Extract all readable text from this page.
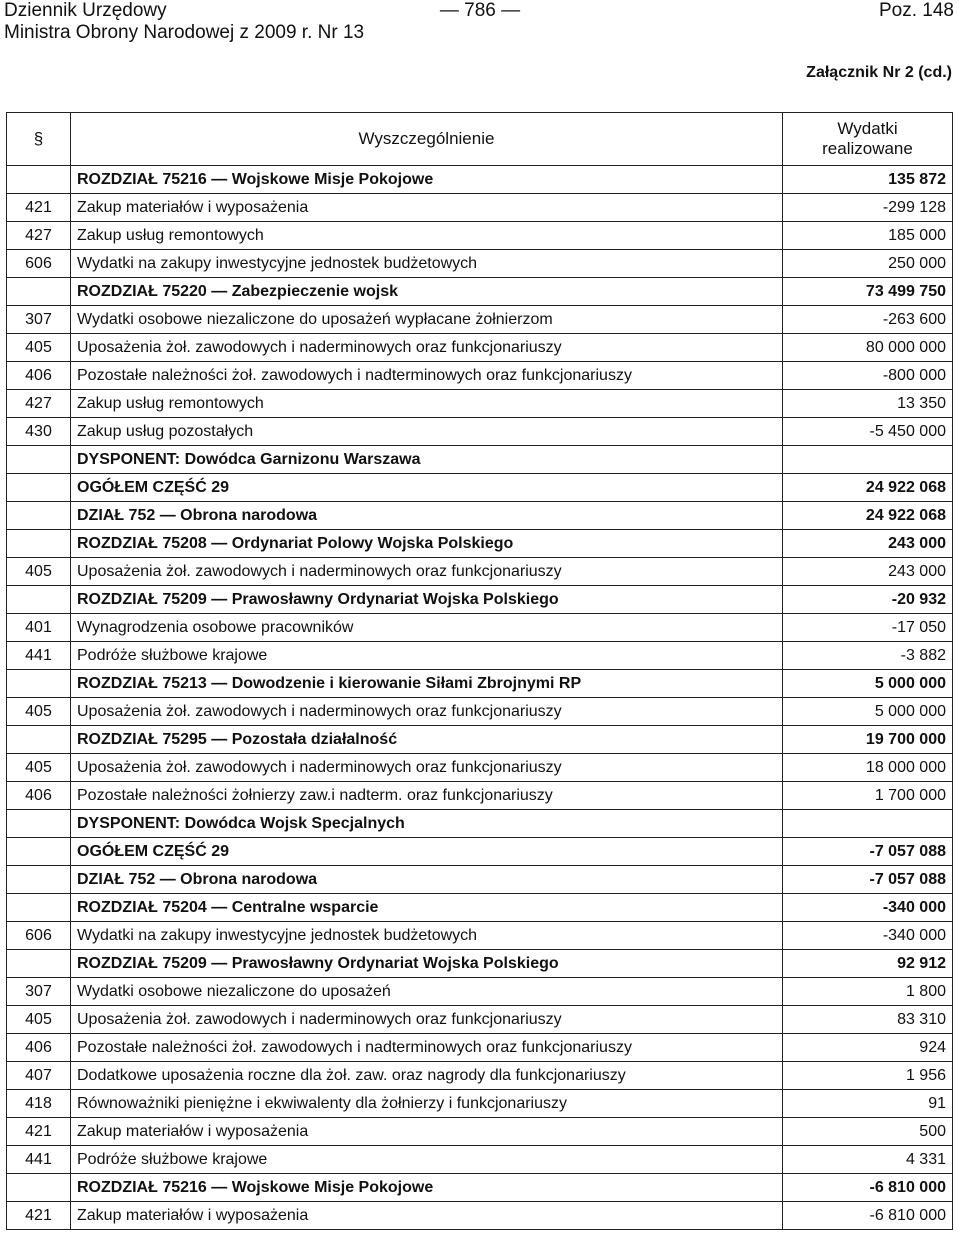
Dziennik Urzędowy	— 786 —	Poz. 148
Ministra Obrony Narodowej z 2009 r. Nr 13
Załącznik Nr 2 (cd.)
§	Wyszczególnienie	Wydatki
realizowane

	ROZDZIAŁ 75216 — Wojskowe Misje Pokojowe	135 872
421	Zakup materiałów i wyposażenia	-299 128
427	Zakup usług remontowych	185 000
606	Wydatki na zakupy inwestycyjne jednostek budżetowych	250 000
	ROZDZIAŁ 75220 — Zabezpieczenie wojsk	73 499 750
307	Wydatki osobowe niezaliczone do uposażeń wypłacane żołnierzom	-263 600
405	Uposażenia żoł. zawodowych i naderminowych oraz funkcjonariuszy	80 000 000
406	Pozostałe należności żoł. zawodowych i nadterminowych oraz funkcjonariuszy	-800 000
427	Zakup usług remontowych	13 350
430	Zakup usług pozostałych	-5 450 000
	DYSPONENT: Dowódca Garnizonu Warszawa	
	OGÓŁEM CZĘŚĆ 29	24 922 068
	DZIAŁ 752 — Obrona narodowa	24 922 068
	ROZDZIAŁ 75208 — Ordynariat Polowy Wojska Polskiego	243 000
405	Uposażenia żoł. zawodowych i naderminowych oraz funkcjonariuszy	243 000
	ROZDZIAŁ 75209 — Prawosławny Ordynariat Wojska Polskiego	-20 932
401	Wynagrodzenia osobowe pracowników	-17 050
441	Podróże służbowe krajowe	-3 882
	ROZDZIAŁ 75213 — Dowodzenie i kierowanie Siłami Zbrojnymi RP	5 000 000
405	Uposażenia żoł. zawodowych i naderminowych oraz funkcjonariuszy	5 000 000
	ROZDZIAŁ 75295 — Pozostała działalność	19 700 000
405	Uposażenia żoł. zawodowych i naderminowych oraz funkcjonariuszy	18 000 000
406	Pozostałe należności żołnierzy zaw.i nadterm. oraz funkcjonariuszy	1 700 000
	DYSPONENT: Dowódca Wojsk Specjalnych	
	OGÓŁEM CZĘŚĆ 29	-7 057 088
	DZIAŁ 752 — Obrona narodowa	-7 057 088
	ROZDZIAŁ 75204 — Centralne wsparcie	-340 000
606	Wydatki na zakupy inwestycyjne jednostek budżetowych	-340 000
	ROZDZIAŁ 75209 — Prawosławny Ordynariat Wojska Polskiego	92 912
307	Wydatki osobowe niezaliczone do uposażeń	1 800
405	Uposażenia żoł. zawodowych i naderminowych oraz funkcjonariuszy	83 310
406	Pozostałe należności żoł. zawodowych i nadterminowych oraz funkcjonariuszy	924
407	Dodatkowe uposażenia roczne dla żoł. zaw. oraz nagrody dla funkcjonariuszy	1 956
418	Równoważniki pieniężne i ekwiwalenty dla żołnierzy i funkcjonariuszy	91
421	Zakup materiałów i wyposażenia	500
441	Podróże służbowe krajowe	4 331
	ROZDZIAŁ 75216 — Wojskowe Misje Pokojowe	-6 810 000
421	Zakup materiałów i wyposażenia	-6 810 000
